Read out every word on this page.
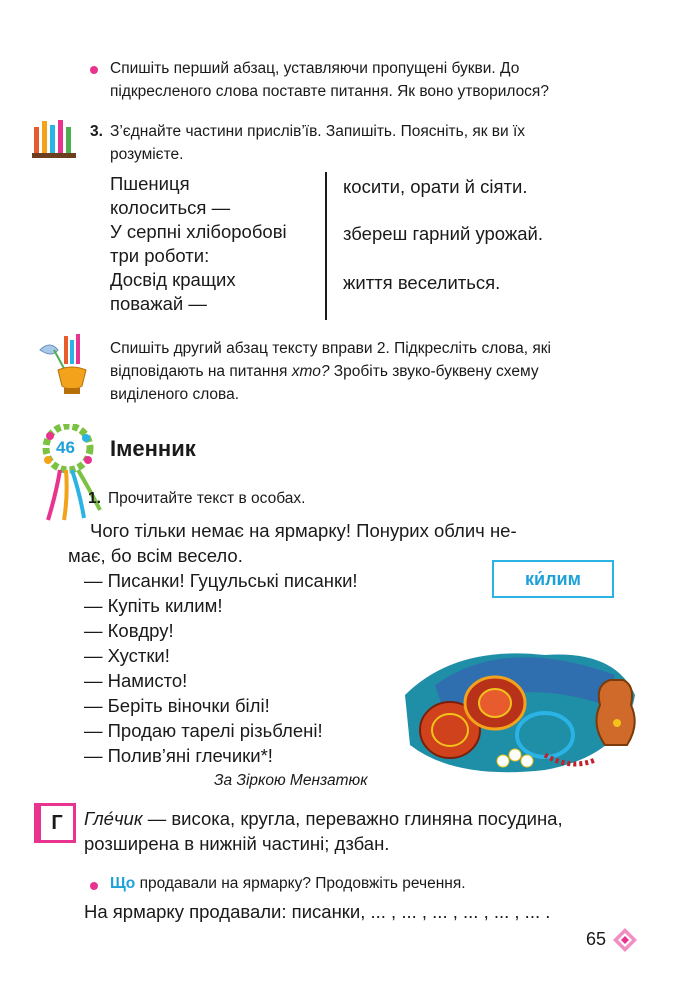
Спишіть перший абзац, уставляючи пропущені букви. До
підкресленого слова поставте питання. Як воно утворилося?
3. З’єднайте частини прислів’їв. Запишіть. Поясніть, як ви їх
розумієте.
Пшениця
колоситься —
У серпні хліборобові
три роботи:
Досвід кращих
поважай —
косити, орати й сіяти.
збереш гарний урожай.
життя веселиться.
Спишіть другий абзац тексту вправи 2. Підкресліть слова, які
відповідають на питання хто? Зробіть звуко-буквену схему
виділеного слова.
46 Іменник
1. Прочитайте текст в особах.
Чого тільки немає на ярмарку! Понурих облич не-
має, бо всім весело.
— Писанки! Гуцульські писанки!
— Купіть килим!
— Ковдру!
— Хустки!
— Намисто!
— Беріть віночки білі!
— Продаю тарелі різьблені!
— Полив’яні глечики*!
За Зіркою Мензатюк
ки́лим
Г	Гле́чик — висока, кругла, переважно глиняна посудина,
розширена в нижній частині; дзбан.
Що продавали на ярмарку? Продовжіть речення.
На ярмарку продавали: писанки, ... , ... , ... , ... , ... , ... .
65
